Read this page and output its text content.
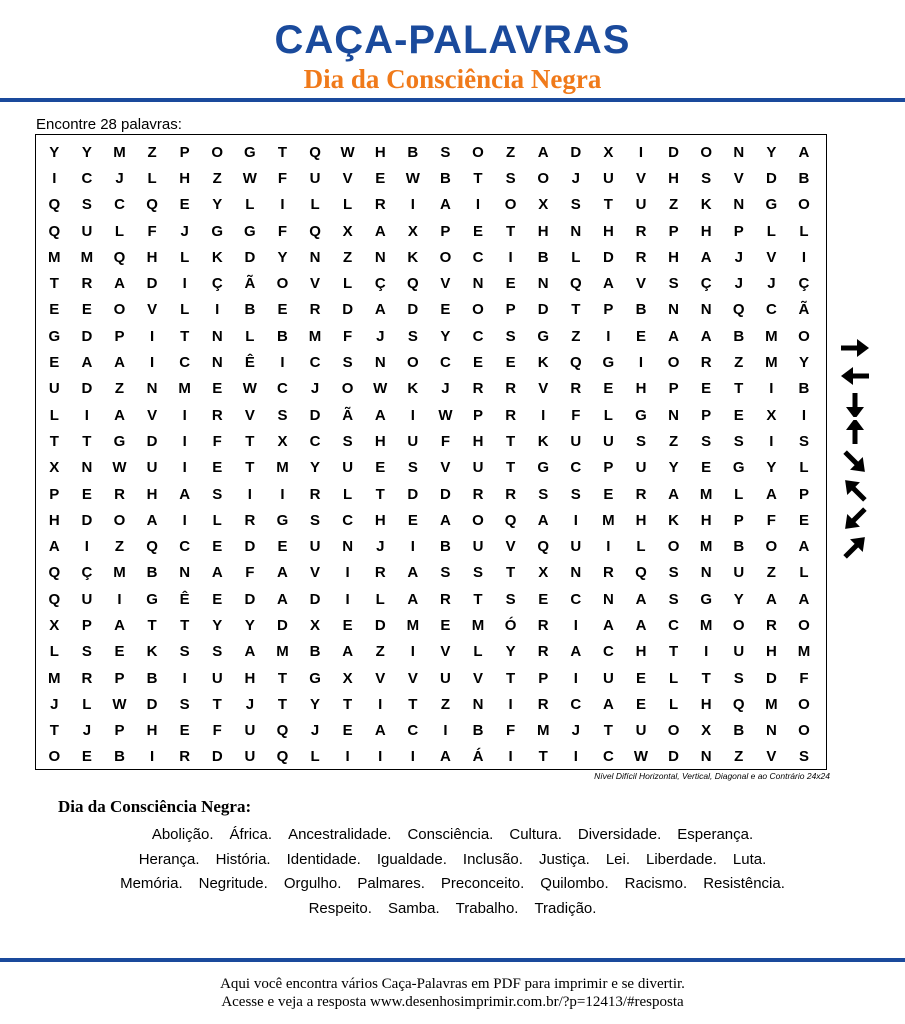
CAÇA-PALAVRAS
Dia da Consciência Negra
Encontre 28 palavras:
Y	Y	M	Z	P	O	G	T	Q	W	H	B	S	O	Z	A	D	X	I	D	O	N	Y	A
I	C	J	L	H	Z	W	F	U	V	E	W	B	T	S	O	J	U	V	H	S	V	D	B
Q	S	C	Q	E	Y	L	I	L	L	R	I	A	I	O	X	S	T	U	Z	K	N	G	O
Q	U	L	F	J	G	G	F	Q	X	A	X	P	E	T	H	N	H	R	P	H	P	L	L
M	M	Q	H	L	K	D	Y	N	Z	N	K	O	C	I	B	L	D	R	H	A	J	V	I
T	R	A	D	I	Ç	Ã	O	V	L	Ç	Q	V	N	E	N	Q	A	V	S	Ç	J	J	Ç
E	E	O	V	L	I	B	E	R	D	A	D	E	O	P	D	T	P	B	N	N	Q	C	Ã
G	D	P	I	T	N	L	B	M	F	J	S	Y	C	S	G	Z	I	E	A	A	B	M	O
E	A	A	I	C	N	Ê	I	C	S	N	O	C	E	E	K	Q	G	I	O	R	Z	M	Y
U	D	Z	N	M	E	W	C	J	O	W	K	J	R	R	V	R	E	H	P	E	T	I	B
L	I	A	V	I	R	V	S	D	Ã	A	I	W	P	R	I	F	L	G	N	P	E	X	I
T	T	G	D	I	F	T	X	C	S	H	U	F	H	T	K	U	U	S	Z	S	S	I	S
X	N	W	U	I	E	T	M	Y	U	E	S	V	U	T	G	C	P	U	Y	E	G	Y	L
P	E	R	H	A	S	I	I	R	L	T	D	D	R	R	S	S	E	R	A	M	L	A	P
H	D	O	A	I	L	R	G	S	C	H	E	A	O	Q	A	I	M	H	K	H	P	F	E
A	I	Z	Q	C	E	D	E	U	N	J	I	B	U	V	Q	U	I	L	O	M	B	O	A
Q	Ç	M	B	N	A	F	A	V	I	R	A	S	S	T	X	N	R	Q	S	N	U	Z	L
Q	U	I	G	Ê	E	D	A	D	I	L	A	R	T	S	E	C	N	A	S	G	Y	A	A
X	P	A	T	T	Y	Y	D	X	E	D	M	E	M	Ó	R	I	A	A	C	M	O	R	O
L	S	E	K	S	S	A	M	B	A	Z	I	V	L	Y	R	A	C	H	T	I	U	H	M
M	R	P	B	I	U	H	T	G	X	V	V	U	V	T	P	I	U	E	L	T	S	D	F
J	L	W	D	S	T	J	T	Y	T	I	T	Z	N	I	R	C	A	E	L	H	Q	M	O
T	J	P	H	E	F	U	Q	J	E	A	C	I	B	F	M	J	T	U	O	X	B	N	O
O	E	B	I	R	D	U	Q	L	I	I	I	A	Á	I	T	I	C	W	D	N	Z	V	S
Nível Difícil Horizontal, Vertical, Diagonal e ao Contrário 24x24
Dia da Consciência Negra:
Abolição. África. Ancestralidade. Consciência. Cultura. Diversidade. Esperança.
Herança. História. Identidade. Igualdade. Inclusão. Justiça. Lei. Liberdade. Luta.
Memória. Negritude. Orgulho. Palmares. Preconceito. Quilombo. Racismo. Resistência.
Respeito. Samba. Trabalho. Tradição.
Aqui você encontra vários Caça-Palavras em PDF para imprimir e se divertir.
Acesse e veja a resposta www.desenhosimprimir.com.br/?p=12413/#resposta
